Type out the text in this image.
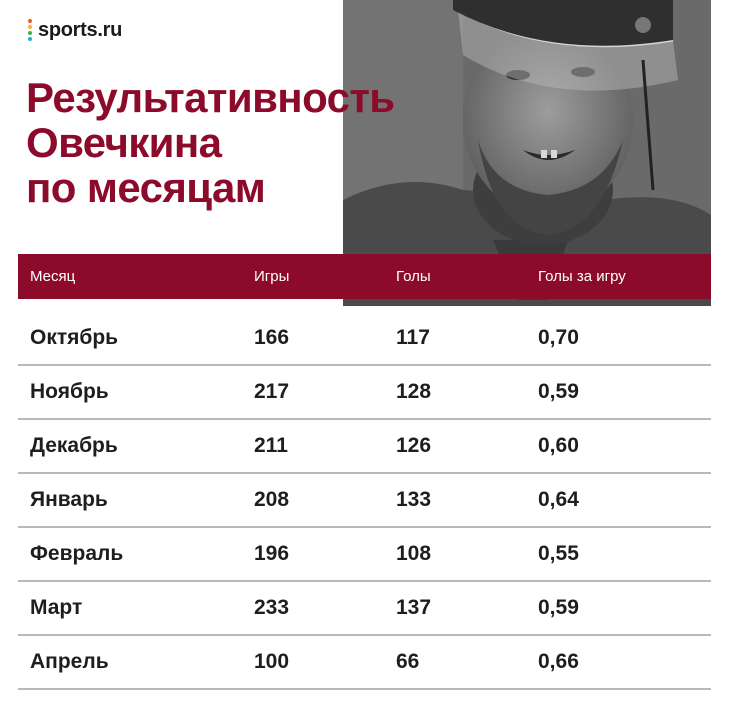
sports.ru
Результативность
Овечкина
по месяцам
Месяц	Игры	Голы	Голы за игру
Октябрь	166	117	0,70
Ноябрь	217	128	0,59
Декабрь	211	126	0,60
Январь	208	133	0,64
Февраль	196	108	0,55
Март	233	137	0,59
Апрель	100	66	0,66
